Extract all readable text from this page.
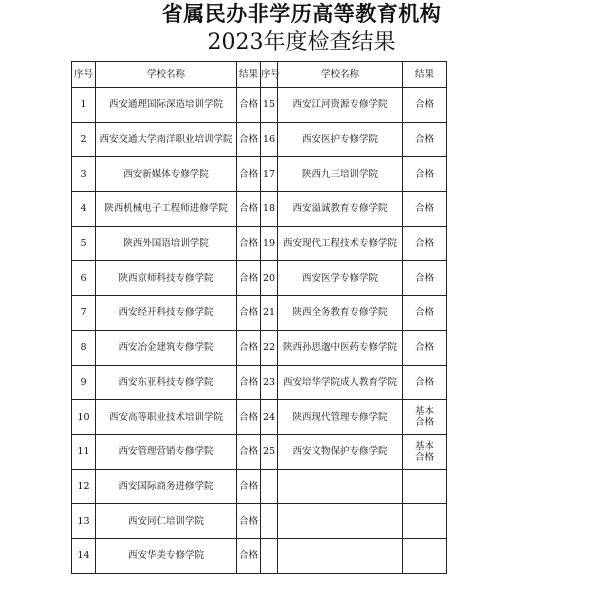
省属民办非学历高等教育机构
2023年度检查结果
序号	学校名称	结果	序号	学校名称	结果
1	西安通理国际深造培训学院	合格	15	西安江河资源专修学院	合格
2	西安交通大学南洋职业培训学院	合格	16	西安医护专修学院	合格
3	西安新媒体专修学院	合格	17	陕西九三培训学院	合格
4	陕西机械电子工程师进修学院	合格	18	西安溢诚教育专修学院	合格
5	陕西外国语培训学院	合格	19	西安现代工程技术专修学院	合格
6	陕西京师科技专修学院	合格	20	西安医学专修学院	合格
7	西安经开科技专修学院	合格	21	陕西全务教育专修学院	合格
8	西安冶金建筑专修学院	合格	22	陕西孙思邈中医药专修学院	合格
9	西安东亚科技专修学院	合格	23	西安培华学院成人教育学院	合格
10	西安高等职业技术培训学院	合格	24	陕西现代管理专修学院	基本
合格
11	西安管理营销专修学院	合格	25	西安文物保护专修学院	基本
合格
12	西安国际商务进修学院	合格			
13	西安同仁培训学院	合格			
14	西安华美专修学院	合格			
